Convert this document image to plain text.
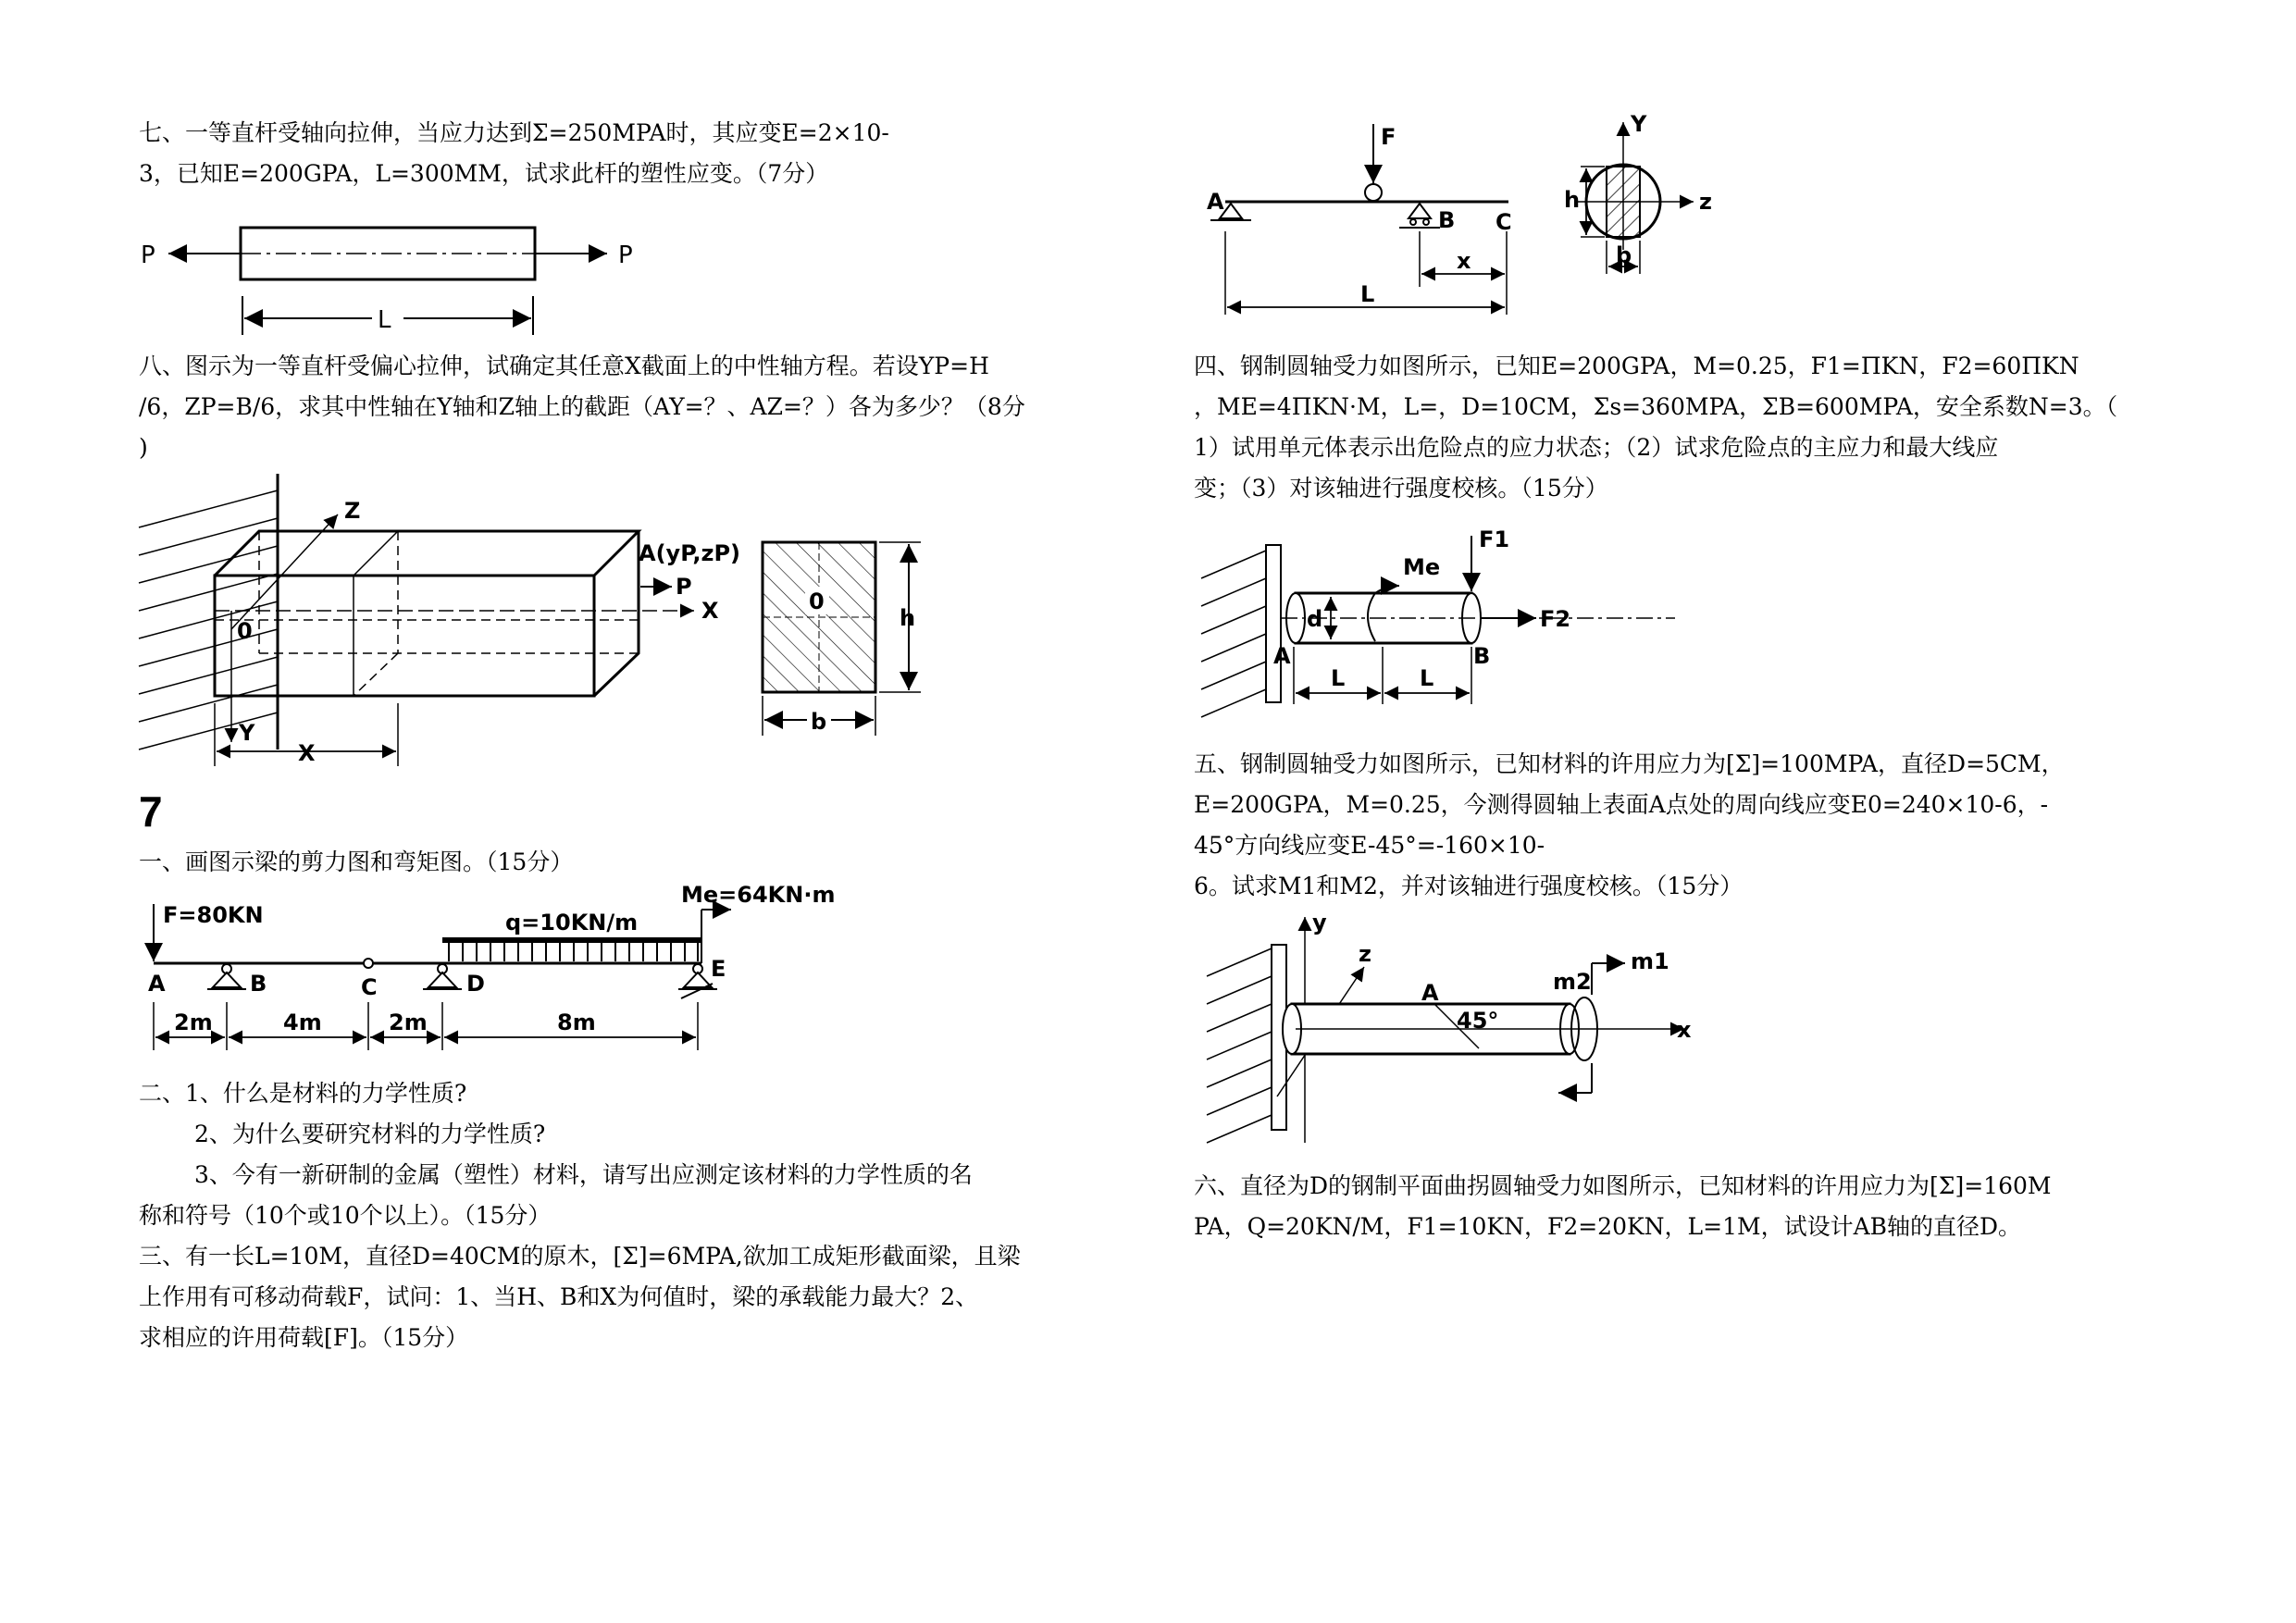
七、一等直杆受轴向拉伸，当应力达到Σ=250MPA时，其应变E=2×10-

3，已知E=200GPA，L=300MM，试求此杆的塑性应变。（7分）

P	P
L

八、图示为一等直杆受偏心拉伸，试确定其任意X截面上的中性轴方程。若设YP=H

/6，ZP=B/6，求其中性轴在Y轴和Z轴上的截距（AY=？、AZ=？）各为多少？（8分

)

Z
0
Y
X
A(yP,zP)
P
X
0
h
b
7

一、画图示梁的剪力图和弯矩图。（15分）

F=80KN	q=10KN/m
Me=64KN·m
A	B	C	D
E
2m	4m	2m	8m

二、1、什么是材料的力学性质?

2、为什么要研究材料的力学性质?

3、今有一新研制的金属（塑性）材料，请写出应测定该材料的力学性质的名

称和符号（10个或10个以上）。（15分）

三、有一长L=10M，直径D=40CM的原木，[Σ]=6MPA,欲加工成矩形截面梁，且梁

上作用有可移动荷载F，试问：1、当H、B和X为何值时，梁的承载能力最大？2、

求相应的许用荷载[F]。（15分）

F
A
B C
x
L
Y
z
h
b

四、钢制圆轴受力如图所示，已知E=200GPA，M=0.25，F1=ΠKN，F2=60ΠKN

，ME=4ΠKN·M，L=，D=10CM，Σs=360MPA，ΣB=600MPA，安全系数N=3。（

1）试用单元体表示出危险点的应力状态；（2）试求危险点的主应力和最大线应

变；（3）对该轴进行强度校核。（15分）

F2
F1
Me
d
A	B
L	L

五、钢制圆轴受力如图所示，已知材料的许用应力为[Σ]=100MPA，直径D=5CM，

E=200GPA，M=0.25，今测得圆轴上表面A点处的周向线应变E0=240×10-6，-

45°方向线应变E-45°=-160×10-

6。试求M1和M2，并对该轴进行强度校核。（15分）

y
z
x
A
45°
m2
m1

六、直径为D的钢制平面曲拐圆轴受力如图所示，已知材料的许用应力为[Σ]=160M

PA，Q=20KN/M，F1=10KN，F2=20KN，L=1M，试设计AB轴的直径D。
